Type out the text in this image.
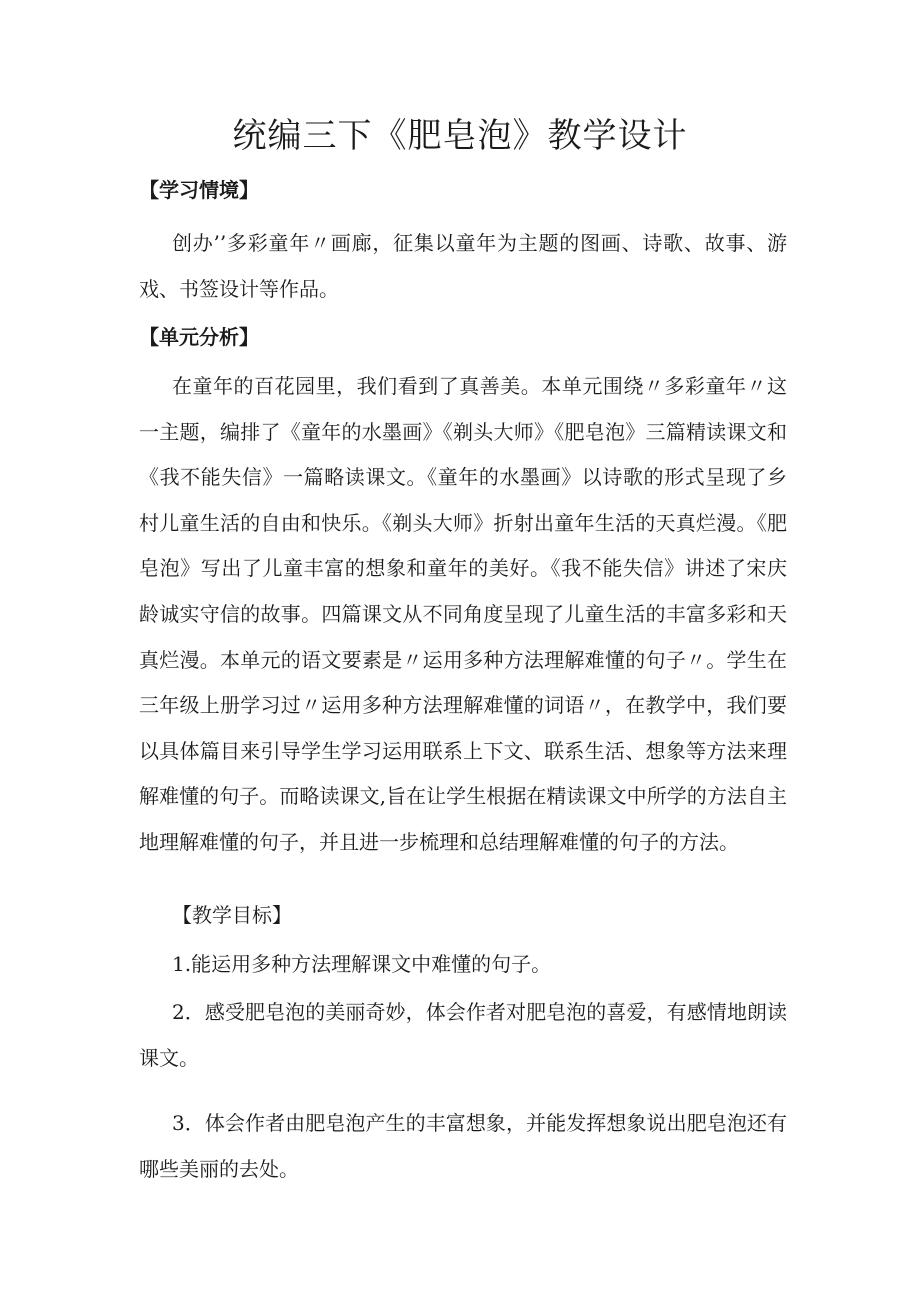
统编三下《肥皂泡》教学设计
【学习情境】

创办’’多彩童年〃画廊，征集以童年为主题的图画、诗歌、故事、游戏、书签设计等作品。

【单元分析】

在童年的百花园里，我们看到了真善美。本单元围绕〃多彩童年〃这一主题，编排了《童年的水墨画》《剃头大师》《肥皂泡》三篇精读课文和《我不能失信》一篇略读课文。《童年的水墨画》以诗歌的形式呈现了乡村儿童生活的自由和快乐。《剃头大师》折射出童年生活的天真烂漫。《肥皂泡》写出了儿童丰富的想象和童年的美好。《我不能失信》讲述了宋庆龄诚实守信的故事。四篇课文从不同角度呈现了儿童生活的丰富多彩和天真烂漫。本单元的语文要素是〃运用多种方法理解难懂的句子〃。学生在三年级上册学习过〃运用多种方法理解难懂的词语〃，在教学中，我们要以具体篇目来引导学生学习运用联系上下文、联系生活、想象等方法来理解难懂的句子。而略读课文,旨在让学生根据在精读课文中所学的方法自主地理解难懂的句子，并且进一步梳理和总结理解难懂的句子的方法。

【教学目标】

1.能运用多种方法理解课文中难懂的句子。

2．感受肥皂泡的美丽奇妙，体会作者对肥皂泡的喜爱，有感情地朗读课文。

3．体会作者由肥皂泡产生的丰富想象，并能发挥想象说出肥皂泡还有哪些美丽的去处。
